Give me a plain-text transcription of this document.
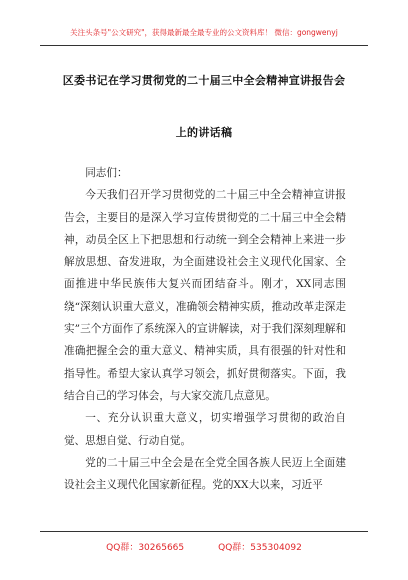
关注头条号"公文研究"，获得最新最全最专业的公文资料库！ 微信：gongwenyj
区委书记在学习贯彻党的二十届三中全会精神宣讲报告会
上的讲话稿

同志们：

今天我们召开学习贯彻党的二十届三中全会精神宣讲报告会，主要目的是深入学习宣传贯彻党的二十届三中全会精神，动员全区上下把思想和行动统一到全会精神上来进一步解放思想、奋发进取，为全面建设社会主义现代化国家、全面推进中华民族伟大复兴而团结奋斗。刚才，XX同志围绕“深刻认识重大意义，准确领会精神实质，推动改革走深走实”三个方面作了系统深入的宣讲解读，对于我们深刻理解和准确把握全会的重大意义、精神实质，具有很强的针对性和指导性。希望大家认真学习领会，抓好贯彻落实。下面，我结合自己的学习体会，与大家交流几点意见。

一、充分认识重大意义，切实增强学习贯彻的政治自觉、思想自觉、行动自觉。

党的二十届三中全会是在全党全国各族人民迈上全面建设社会主义现代化国家新征程。党的XX大以来，习近平

QQ群：30265665	QQ群：535304092
